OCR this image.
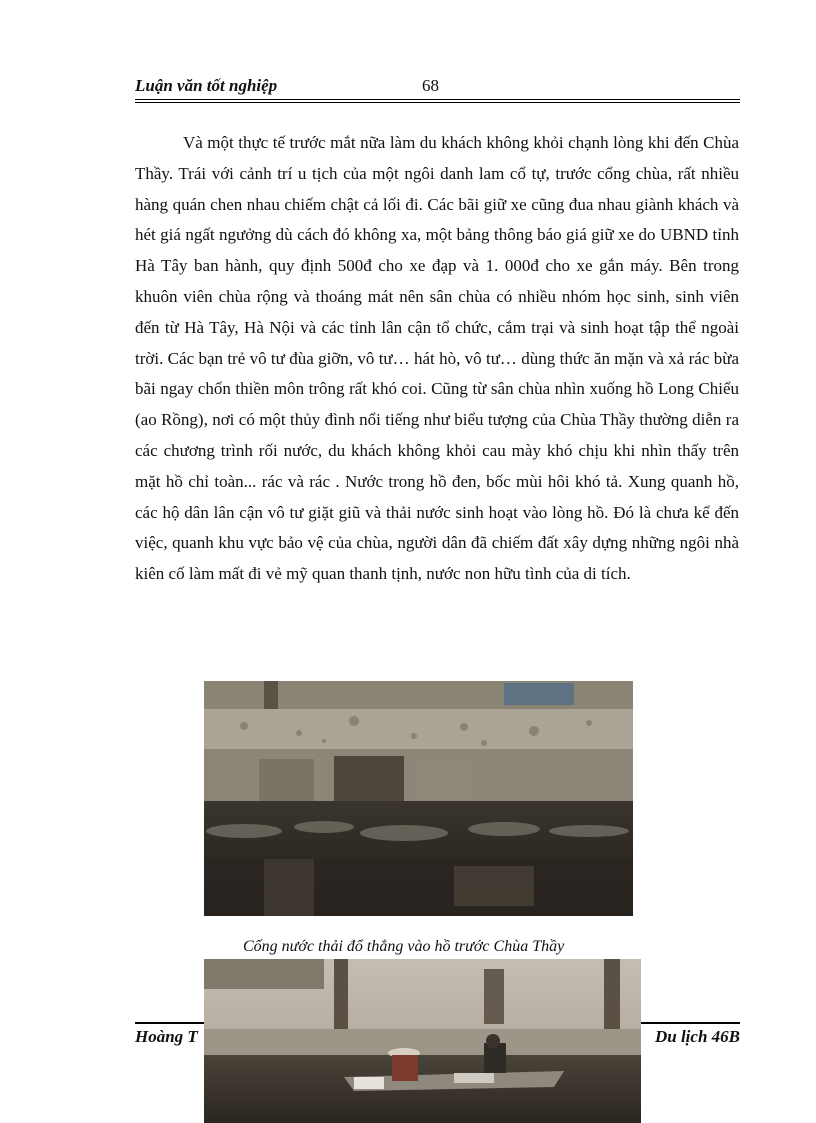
Luận văn tốt nghiệp	68

Và một thực tế trước mắt nữa làm du khách không khỏi chạnh lòng khi đến Chùa Thầy. Trái với cảnh trí u tịch của một ngôi danh lam cổ tự, trước cổng chùa, rất nhiều hàng quán chen nhau chiếm chật cả lối đi. Các bãi giữ xe cũng đua nhau giành khách và hét giá ngất ngưởng dù cách đó không xa, một bảng thông báo giá giữ xe do UBND tỉnh Hà Tây ban hành, quy định 500đ cho xe đạp và 1. 000đ cho xe gắn máy. Bên trong khuôn viên chùa rộng và thoáng mát nên sân chùa có nhiều nhóm học sinh, sinh viên đến từ Hà Tây, Hà Nội và các tỉnh lân cận tổ chức, cắm trại và sinh hoạt tập thể ngoài trời. Các bạn trẻ vô tư đùa giỡn, vô tư… hát hò, vô tư… dùng thức ăn mặn và xả rác bừa bãi ngay chốn thiền môn trông rất khó coi. Cũng từ sân chùa nhìn xuống hồ Long Chiểu (ao Rồng), nơi có một thủy đình nổi tiếng như biểu tượng của Chùa Thầy thường diễn ra các chương trình rối nước, du khách không khỏi cau mày khó chịu khi nhìn thấy trên mặt hồ chỉ toàn... rác và rác . Nước trong hồ đen, bốc mùi hôi khó tả. Xung quanh hồ, các hộ dân lân cận vô tư giặt giũ và thải nước sinh hoạt vào lòng hồ. Đó là chưa kể đến việc, quanh khu vực bảo vệ của chùa, người dân đã chiếm đất xây dựng những ngôi nhà kiên cố làm mất đi vẻ mỹ quan thanh tịnh, nước non hữu tình của di tích.

Cống nước thải đổ thẳng vào hồ trước Chùa Thầy
Hoàng T	Du lịch 46B
